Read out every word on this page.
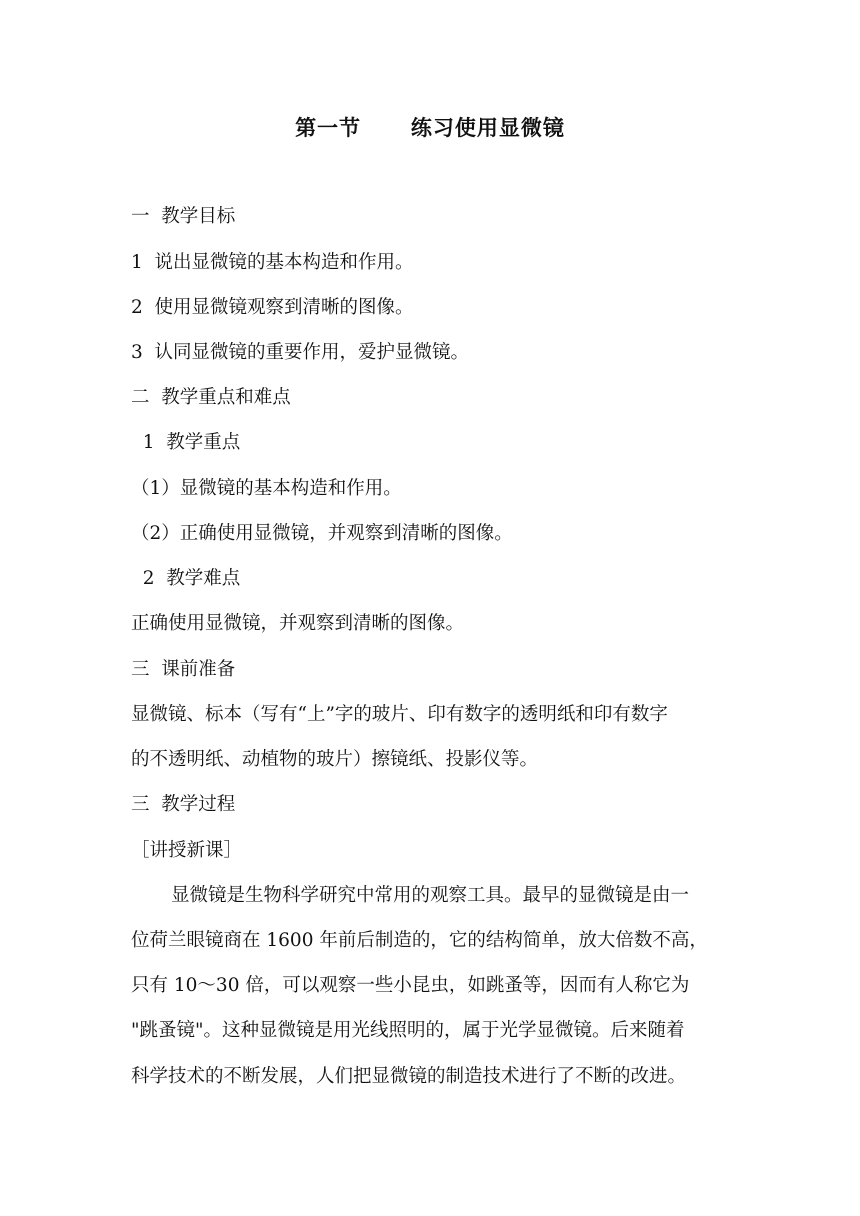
第一节      练习使用显微镜
一  教学目标
1  说出显微镜的基本构造和作用。
2  使用显微镜观察到清晰的图像。
3  认同显微镜的重要作用，爱护显微镜。
二  教学重点和难点
1  教学重点
（1）显微镜的基本构造和作用。
（2）正确使用显微镜，并观察到清晰的图像。
2  教学难点
正确使用显微镜，并观察到清晰的图像。
三  课前准备
显微镜、标本（写有“上”字的玻片、印有数字的透明纸和印有数字
的不透明纸、动植物的玻片）擦镜纸、投影仪等。
三  教学过程
［讲授新课］
显微镜是生物科学研究中常用的观察工具。最早的显微镜是由一
位荷兰眼镜商在 1600 年前后制造的，它的结构简单，放大倍数不高，
只有 10～30 倍，可以观察一些小昆虫，如跳蚤等，因而有人称它为
"跳蚤镜"。这种显微镜是用光线照明的，属于光学显微镜。后来随着
科学技术的不断发展，人们把显微镜的制造技术进行了不断的改进。
